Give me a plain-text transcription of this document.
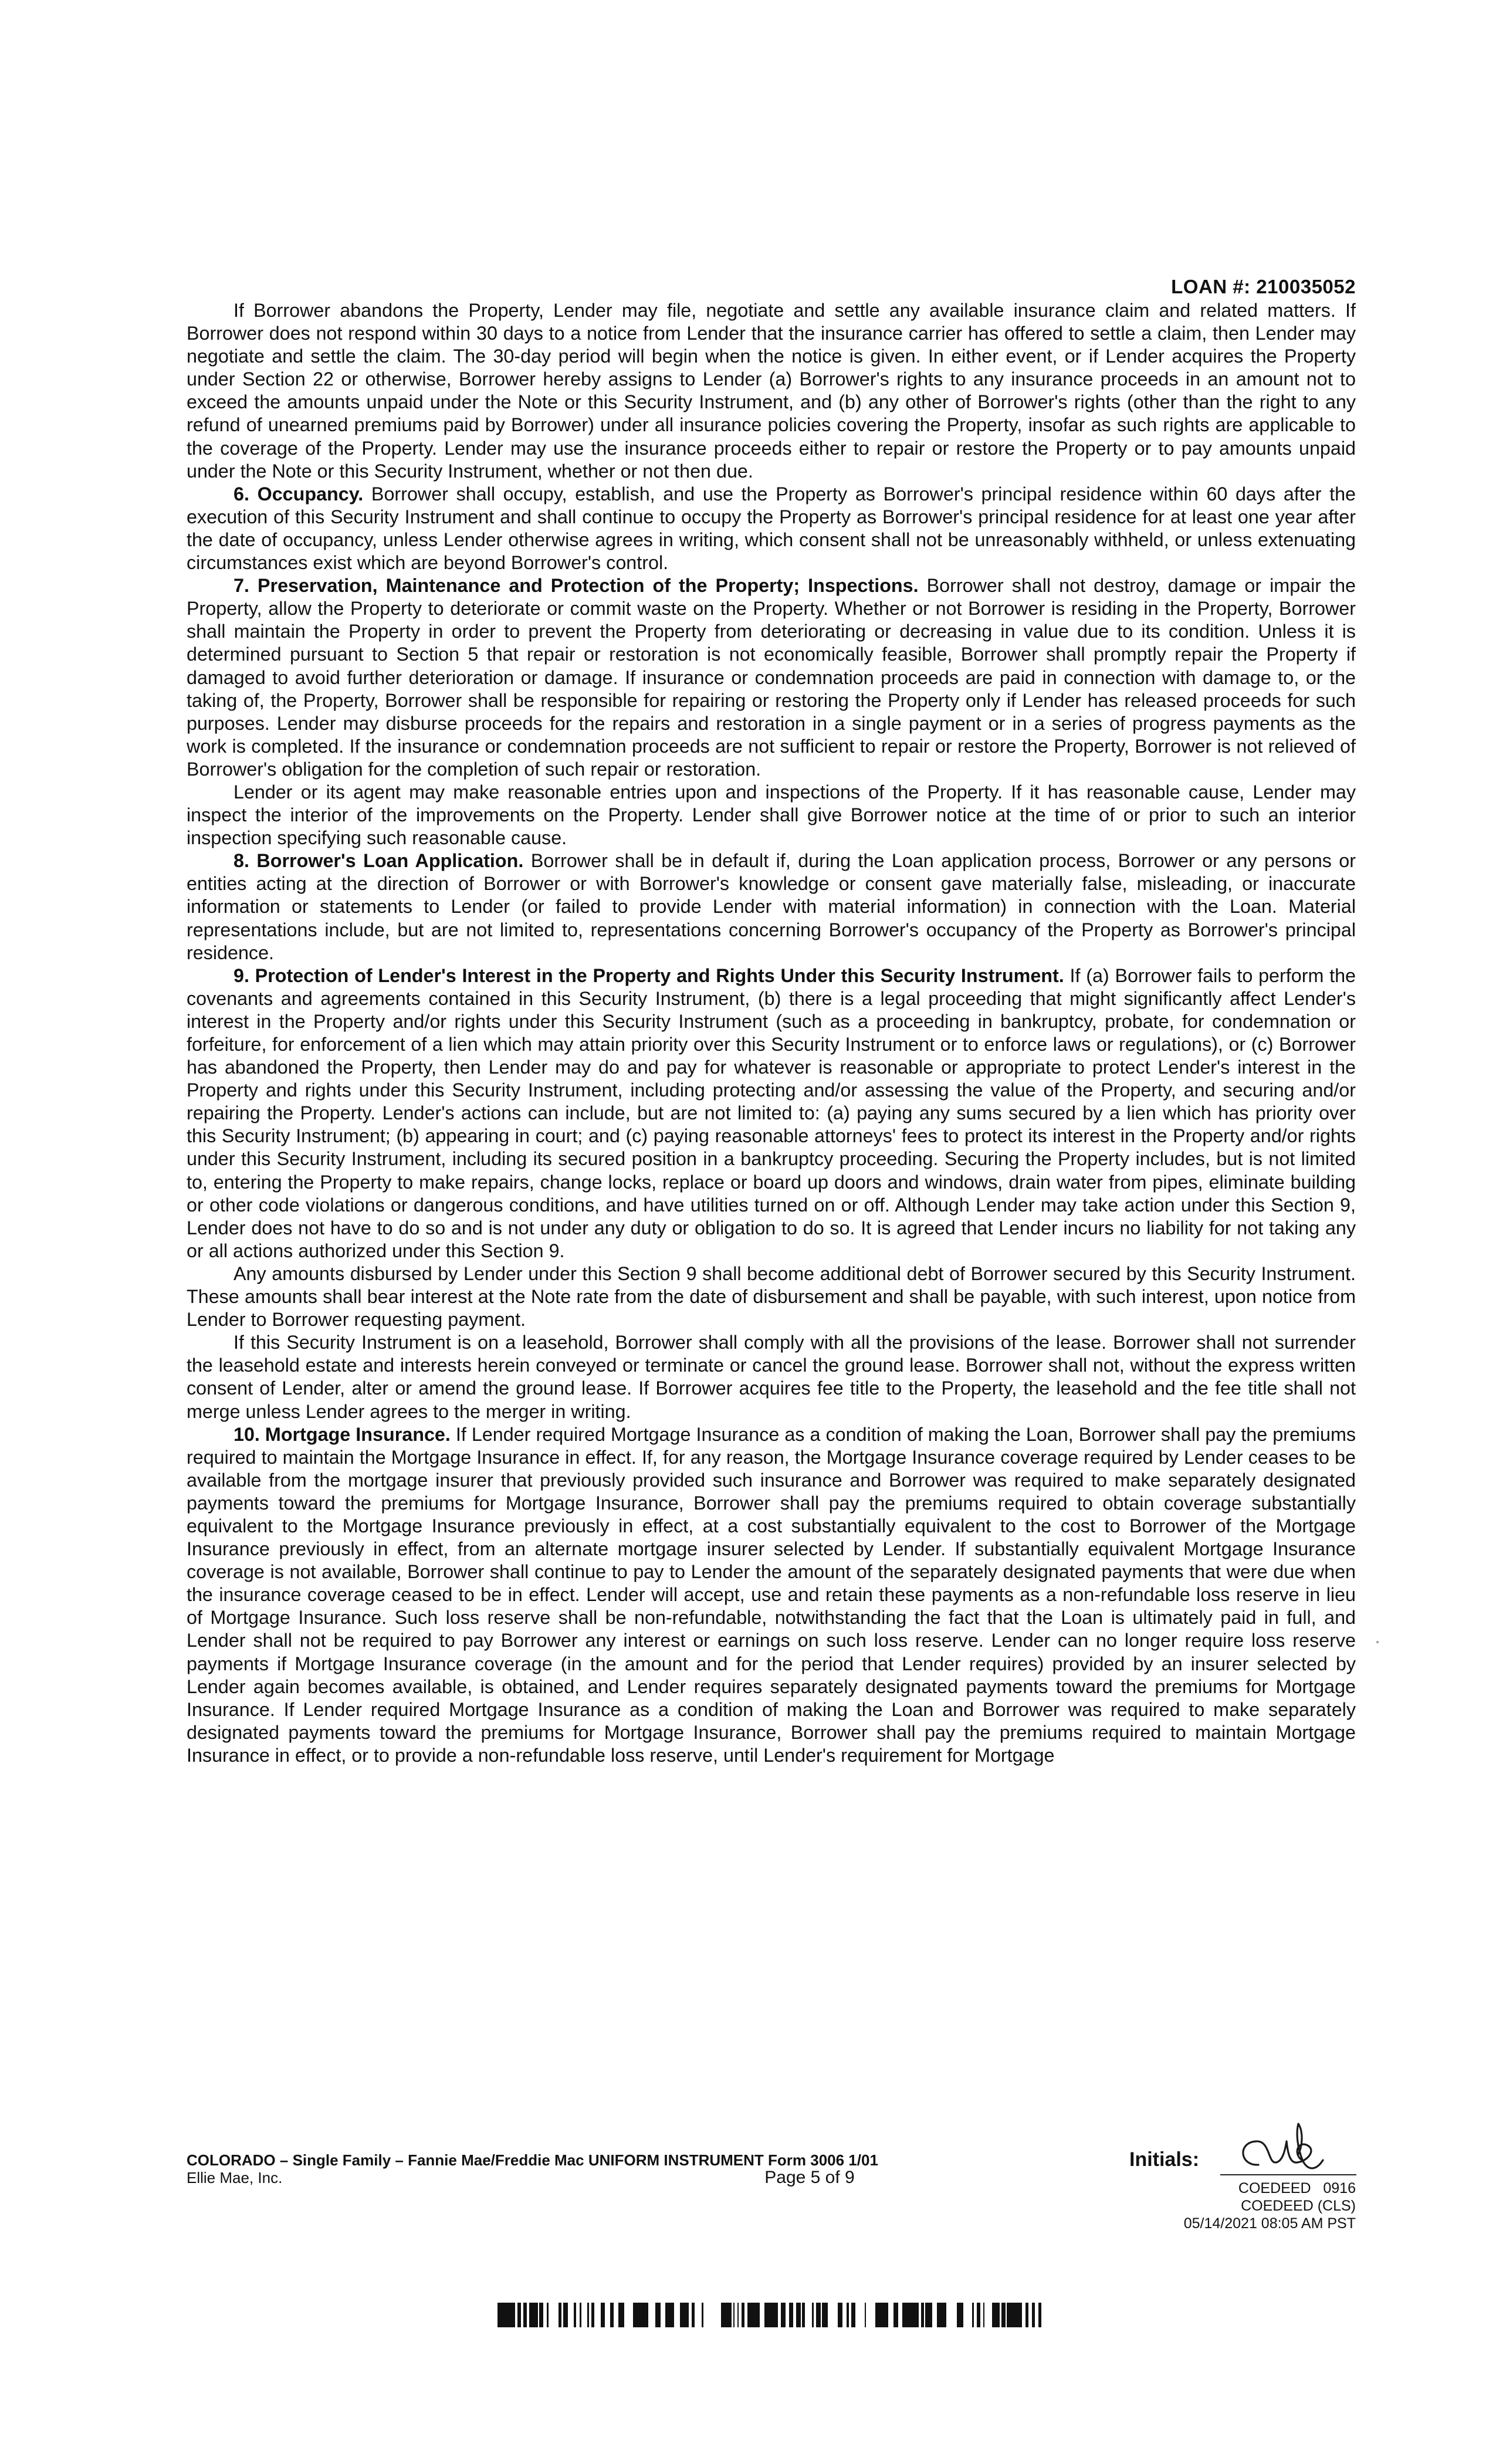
LOAN #: 210035052

If Borrower abandons the Property, Lender may file, negotiate and settle any available insurance claim and related matters. If Borrower does not respond within 30 days to a notice from Lender that the insurance carrier has offered to settle a claim, then Lender may negotiate and settle the claim. The 30-day period will begin when the notice is given. In either event, or if Lender acquires the Property under Section 22 or otherwise, Borrower hereby assigns to Lender (a) Borrower's rights to any insurance proceeds in an amount not to exceed the amounts unpaid under the Note or this Security Instrument, and (b) any other of Borrower's rights (other than the right to any refund of unearned premiums paid by Borrower) under all insurance policies covering the Property, insofar as such rights are applicable to the coverage of the Property. Lender may use the insurance proceeds either to repair or restore the Property or to pay amounts unpaid under the Note or this Security Instrument, whether or not then due.

6. Occupancy. Borrower shall occupy, establish, and use the Property as Borrower's principal residence within 60 days after the execution of this Security Instrument and shall continue to occupy the Property as Borrower's principal residence for at least one year after the date of occupancy, unless Lender otherwise agrees in writing, which consent shall not be unreasonably withheld, or unless extenuating circumstances exist which are beyond Borrower's control.

7. Preservation, Maintenance and Protection of the Property; Inspections. Borrower shall not destroy, damage or impair the Property, allow the Property to deteriorate or commit waste on the Property. Whether or not Borrower is residing in the Property, Borrower shall maintain the Property in order to prevent the Property from deteriorating or decreasing in value due to its condition. Unless it is determined pursuant to Section 5 that repair or restoration is not economically feasible, Borrower shall promptly repair the Property if damaged to avoid further deterioration or damage. If insurance or condemnation proceeds are paid in connection with damage to, or the taking of, the Property, Borrower shall be responsible for repairing or restoring the Property only if Lender has released proceeds for such purposes. Lender may disburse proceeds for the repairs and restoration in a single payment or in a series of progress payments as the work is completed. If the insurance or condemnation proceeds are not sufficient to repair or restore the Property, Borrower is not relieved of Borrower's obligation for the completion of such repair or restoration.

Lender or its agent may make reasonable entries upon and inspections of the Property. If it has reasonable cause, Lender may inspect the interior of the improvements on the Property. Lender shall give Borrower notice at the time of or prior to such an interior inspection specifying such reasonable cause.

8. Borrower's Loan Application. Borrower shall be in default if, during the Loan application process, Borrower or any persons or entities acting at the direction of Borrower or with Borrower's knowledge or consent gave materially false, misleading, or inaccurate information or statements to Lender (or failed to provide Lender with material information) in connection with the Loan. Material representations include, but are not limited to, representations concerning Borrower's occupancy of the Property as Borrower's principal residence.

9. Protection of Lender's Interest in the Property and Rights Under this Security Instrument. If (a) Borrower fails to perform the covenants and agreements contained in this Security Instrument, (b) there is a legal proceeding that might significantly affect Lender's interest in the Property and/or rights under this Security Instrument (such as a proceeding in bankruptcy, probate, for condemnation or forfeiture, for enforcement of a lien which may attain priority over this Security Instrument or to enforce laws or regulations), or (c) Borrower has abandoned the Property, then Lender may do and pay for whatever is reasonable or appropriate to protect Lender's interest in the Property and rights under this Security Instrument, including protecting and/or assessing the value of the Property, and securing and/or repairing the Property. Lender's actions can include, but are not limited to: (a) paying any sums secured by a lien which has priority over this Security Instrument; (b) appearing in court; and (c) paying reasonable attorneys' fees to protect its interest in the Property and/or rights under this Security Instrument, including its secured position in a bankruptcy proceeding. Securing the Property includes, but is not limited to, entering the Property to make repairs, change locks, replace or board up doors and windows, drain water from pipes, eliminate building or other code violations or dangerous conditions, and have utilities turned on or off. Although Lender may take action under this Section 9, Lender does not have to do so and is not under any duty or obligation to do so. It is agreed that Lender incurs no liability for not taking any or all actions authorized under this Section 9.

Any amounts disbursed by Lender under this Section 9 shall become additional debt of Borrower secured by this Security Instrument. These amounts shall bear interest at the Note rate from the date of disbursement and shall be payable, with such interest, upon notice from Lender to Borrower requesting payment.

If this Security Instrument is on a leasehold, Borrower shall comply with all the provisions of the lease. Borrower shall not surrender the leasehold estate and interests herein conveyed or terminate or cancel the ground lease. Borrower shall not, without the express written consent of Lender, alter or amend the ground lease. If Borrower acquires fee title to the Property, the leasehold and the fee title shall not merge unless Lender agrees to the merger in writing.

10. Mortgage Insurance. If Lender required Mortgage Insurance as a condition of making the Loan, Borrower shall pay the premiums required to maintain the Mortgage Insurance in effect. If, for any reason, the Mortgage Insurance coverage required by Lender ceases to be available from the mortgage insurer that previously provided such insurance and Borrower was required to make separately designated payments toward the premiums for Mortgage Insurance, Borrower shall pay the premiums required to obtain coverage substantially equivalent to the Mortgage Insurance previously in effect, at a cost substantially equivalent to the cost to Borrower of the Mortgage Insurance previously in effect, from an alternate mortgage insurer selected by Lender. If substantially equivalent Mortgage Insurance coverage is not available, Borrower shall continue to pay to Lender the amount of the separately designated payments that were due when the insurance coverage ceased to be in effect. Lender will accept, use and retain these payments as a non-refundable loss reserve in lieu of Mortgage Insurance. Such loss reserve shall be non-refundable, notwithstanding the fact that the Loan is ultimately paid in full, and Lender shall not be required to pay Borrower any interest or earnings on such loss reserve. Lender can no longer require loss reserve payments if Mortgage Insurance coverage (in the amount and for the period that Lender requires) provided by an insurer selected by Lender again becomes available, is obtained, and Lender requires separately designated payments toward the premiums for Mortgage Insurance. If Lender required Mortgage Insurance as a condition of making the Loan and Borrower was required to make separately designated payments toward the premiums for Mortgage Insurance, Borrower shall pay the premiums required to maintain Mortgage Insurance in effect, or to provide a non-refundable loss reserve, until Lender's requirement for Mortgage

COLORADO – Single Family – Fannie Mae/Freddie Mac UNIFORM INSTRUMENT Form 3006 1/01
Ellie Mae, Inc.	Page 5 of 9
Initials:
COEDEED   0916
COEDEED (CLS)
05/14/2021 08:05 AM PST
